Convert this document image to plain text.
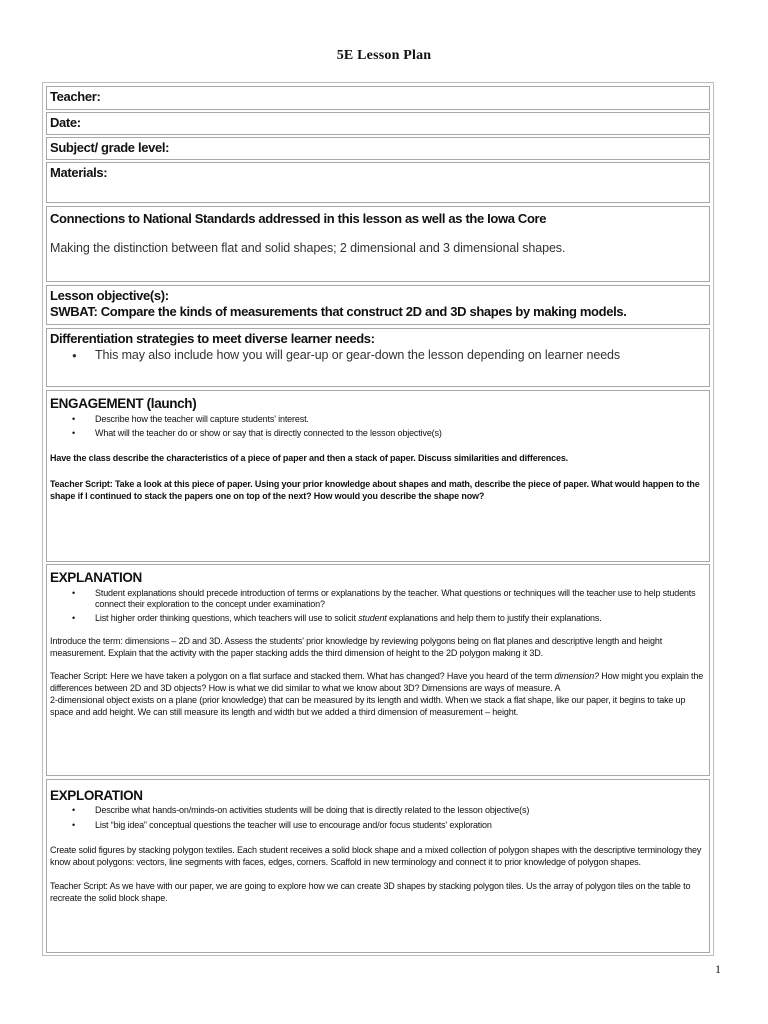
5E Lesson Plan
Teacher:
Date:
Subject/ grade level:
Materials:
Connections to National Standards addressed in this lesson as well as the Iowa Core
Making the distinction between flat and solid shapes; 2 dimensional and 3 dimensional shapes.
Lesson objective(s):
SWBAT: Compare the kinds of measurements that construct 2D and 3D shapes by making models.
Differentiation strategies to meet diverse learner needs:
● This may also include how you will gear-up or gear-down the lesson depending on learner needs
ENGAGEMENT (launch)
• Describe how the teacher will capture students' interest.
• What will the teacher do or show or say that is directly connected to the lesson objective(s)

Have the class describe the characteristics of a piece of paper and then a stack of paper. Discuss similarities and differences.

Teacher Script: Take a look at this piece of paper. Using your prior knowledge about shapes and math, describe the piece of paper. What would happen to the shape if I continued to stack the papers one on top of the next? How would you describe the shape now?

EXPLANATION
• Student explanations should precede introduction of terms or explanations by the teacher. What questions or techniques will the teacher use to help students connect their exploration to the concept under examination?
• List higher order thinking questions, which teachers will use to solicit student explanations and help them to justify their explanations.

Introduce the term: dimensions – 2D and 3D. Assess the students' prior knowledge by reviewing polygons being on flat planes and descriptive length and height measurement. Explain that the activity with the paper stacking adds the third dimension of height to the 2D polygon making it 3D.

Teacher Script: Here we have taken a polygon on a flat surface and stacked them. What has changed? Have you heard of the term dimension? How might you explain the differences between 2D and 3D objects? How is what we did similar to what we know about 3D? Dimensions are ways of measure. A
2-dimensional object exists on a plane (prior knowledge) that can be measured by its length and width. When we stack a flat shape, like our paper, it begins to take up space and add height. We can still measure its length and width but we added a third dimension of measurement – height.

EXPLORATION
• Describe what hands-on/minds-on activities students will be doing that is directly related to the lesson objective(s)
• List “big idea” conceptual questions the teacher will use to encourage and/or focus students' exploration

Create solid figures by stacking polygon textiles. Each student receives a solid block shape and a mixed collection of polygon shapes with the descriptive terminology they know about polygons: vectors, line segments with faces, edges, corners. Scaffold in new terminology and connect it to prior knowledge of polygon shapes.

Teacher Script: As we have with our paper, we are going to explore how we can create 3D shapes by stacking polygon tiles. Us the array of polygon tiles on the table to recreate the solid block shape.

1
